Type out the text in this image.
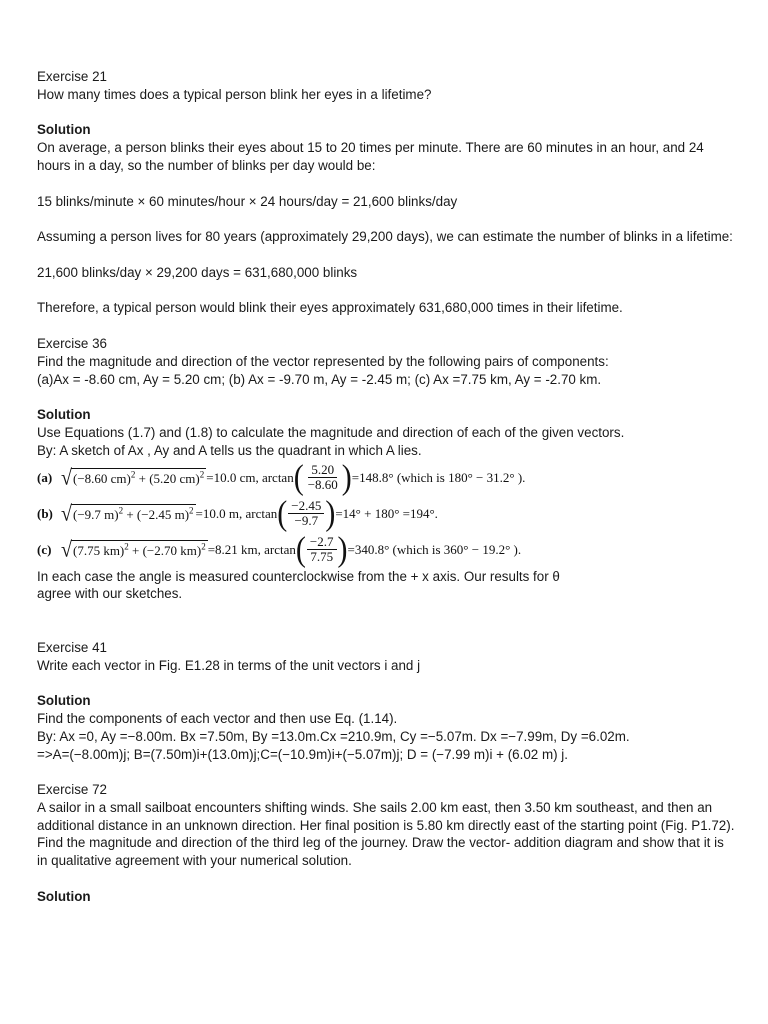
Exercise 21

How many times does a typical person blink her eyes in a lifetime?

Solution

On average, a person blinks their eyes about 15 to 20 times per minute. There are 60 minutes in an hour, and 24 hours in a day, so the number of blinks per day would be:

15 blinks/minute × 60 minutes/hour × 24 hours/day = 21,600 blinks/day

Assuming a person lives for 80 years (approximately 29,200 days), we can estimate the number of blinks in a lifetime:

21,600 blinks/day × 29,200 days = 631,680,000 blinks

Therefore, a typical person would blink their eyes approximately 631,680,000 times in their lifetime.

Exercise 36

Find the magnitude and direction of the vector represented by the following pairs of components:

(a)Ax = -8.60 cm, Ay = 5.20 cm; (b) Ax = -9.70 m, Ay = -2.45 m; (c) Ax =7.75 km, Ay = -2.70 km.

Solution

Use Equations (1.7) and (1.8) to calculate the magnitude and direction of each of the given vectors.

By: A sketch of Ax , Ay and A tells us the quadrant in which A lies.

(a) √ (−8.60 cm)$^2$ + (5.20 cm)$^2$ =10.0 cm, arctan ( $\frac{5.20}{-8.60}$ ) =148.8° (which is 180° − 31.2° ).
(b) √ (−9.7 m)$^2$ + (−2.45 m)$^2$ =10.0 m, arctan ( $\frac{-2.45}{-9.7}$ ) =14° + 180° =194°.
(c) √ (7.75 km)$^2$ + (−2.70 km)$^2$ =8.21 km, arctan ( $\frac{-2.7}{7.75}$ ) =340.8° (which is 360° − 19.2° ).

In each case the angle is measured counterclockwise from the + x axis. Our results for θ

agree with our sketches.

Exercise 41

Write each vector in Fig. E1.28 in terms of the unit vectors i and j

Solution

Find the components of each vector and then use Eq. (1.14).

By: Ax =0, Ay =−8.00m. Bx =7.50m, By =13.0m.Cx =210.9m, Cy =−5.07m. Dx =−7.99m, Dy =6.02m.

=>A=(−8.00m)j; B=(7.50m)i+(13.0m)j;C=(−10.9m)i+(−5.07m)j; D = (−7.99 m)i + (6.02 m) j.

Exercise 72

A sailor in a small sailboat encounters shifting winds. She sails 2.00 km east, then 3.50 km southeast, and then an additional distance in an unknown direction. Her final position is 5.80 km directly east of the starting point (Fig. P1.72). Find the magnitude and direction of the third leg of the journey. Draw the vector- addition diagram and show that it is in qualitative agreement with your numerical solution.

Solution
